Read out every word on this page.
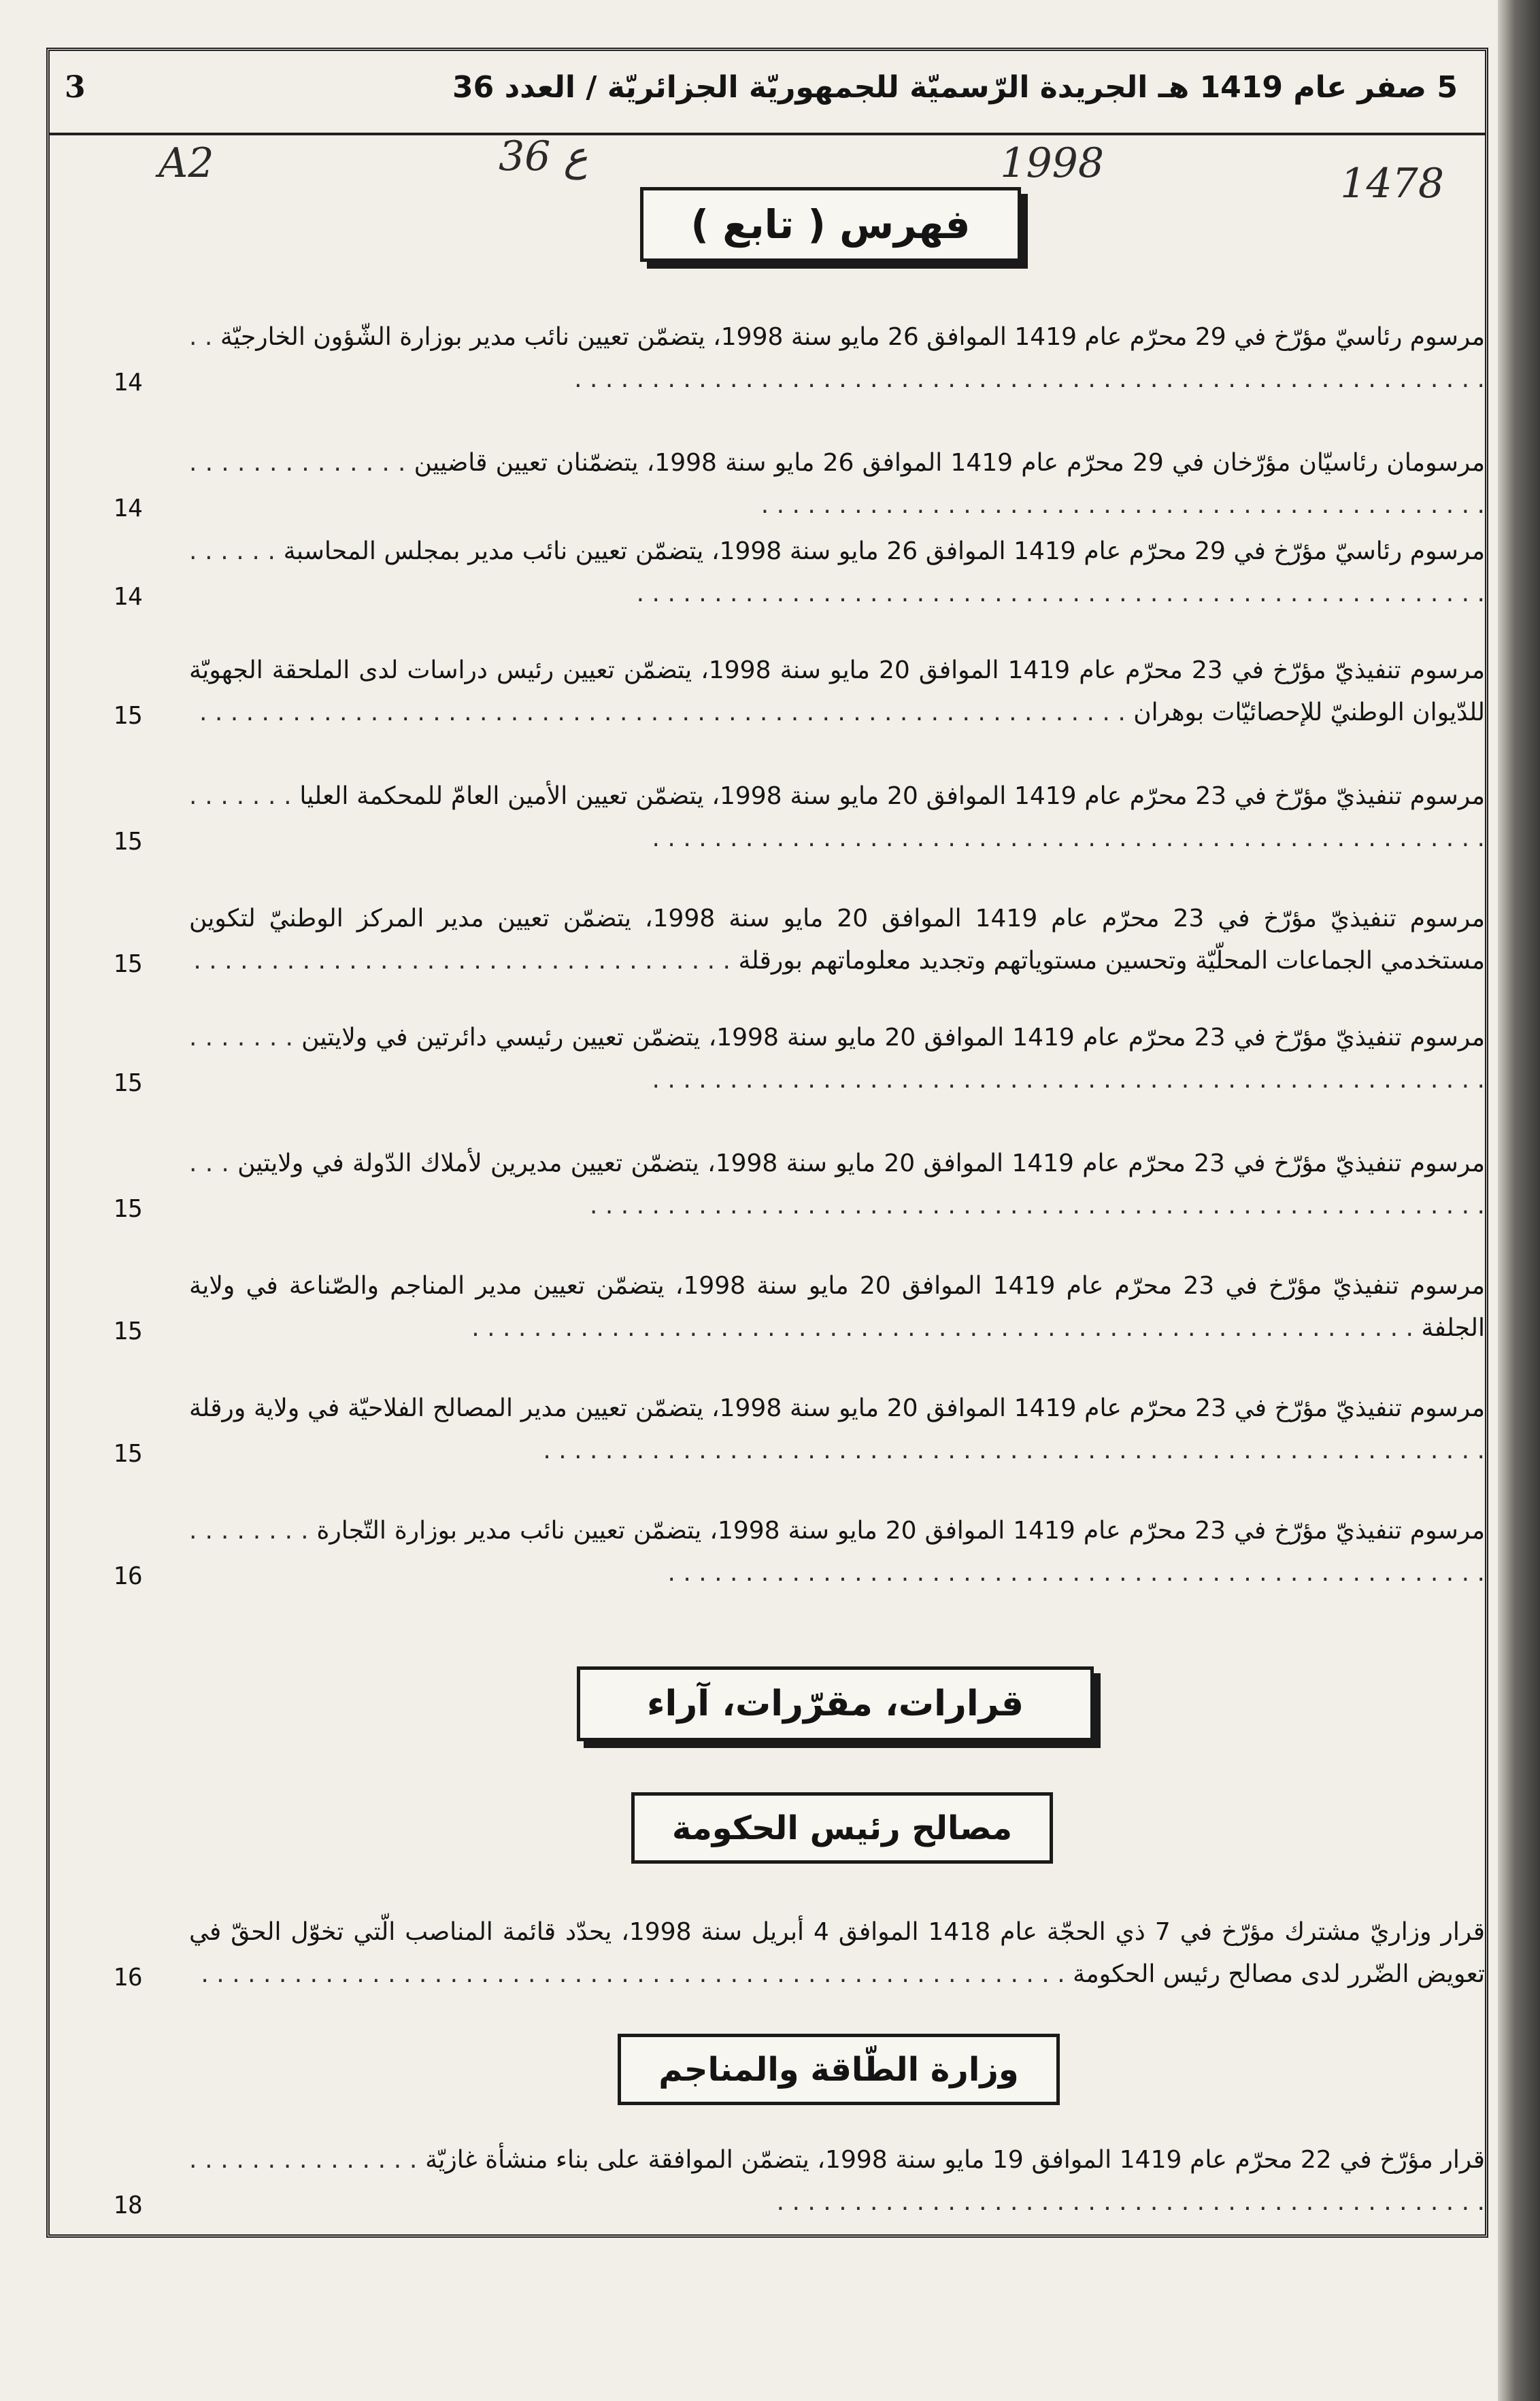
5 صفر عام 1419 هـ الجريدة الرّسميّة للجمهوريّة الجزائريّة / العدد 36
3
1478
1998
36 ع
A2
فهرس ( تابع )
قرارات، مقرّرات، آراء
مصالح رئيس الحكومة
وزارة الطّاقة والمناجم
مرسوم رئاسيّ مؤرّخ في 29 محرّم عام 1419 الموافق 26 مايو سنة 1998، يتضمّن تعيين نائب مدير بوزارة الشّؤون الخارجيّة . . . . . . . . . . . . . . . . . . . . . . . . . . . . . . . . . . . . . . . . . . . . . . . . . . . . . . . . . . . . .
14
مرسومان رئاسيّان مؤرّخان في 29 محرّم عام 1419 الموافق 26 مايو سنة 1998، يتضمّنان تعيين قاضيين . . . . . . . . . . . . . . . . . . . . . . . . . . . . . . . . . . . . . . . . . . . . . . . . . . . . . . . . . . . . .
14
مرسوم رئاسيّ مؤرّخ في 29 محرّم عام 1419 الموافق 26 مايو سنة 1998، يتضمّن تعيين نائب مدير بمجلس المحاسبة . . . . . . . . . . . . . . . . . . . . . . . . . . . . . . . . . . . . . . . . . . . . . . . . . . . . . . . . . . . . .
14
مرسوم تنفيذيّ مؤرّخ في 23 محرّم عام 1419 الموافق 20 مايو سنة 1998، يتضمّن تعيين رئيس دراسات لدى الملحقة الجهويّة للدّيوان الوطنيّ للإحصائيّات بوهران . . . . . . . . . . . . . . . . . . . . . . . . . . . . . . . . . . . . . . . . . . . . . . . . . . . . . . . . . . . .
15
مرسوم تنفيذيّ مؤرّخ في 23 محرّم عام 1419 الموافق 20 مايو سنة 1998، يتضمّن تعيين الأمين العامّ للمحكمة العليا . . . . . . . . . . . . . . . . . . . . . . . . . . . . . . . . . . . . . . . . . . . . . . . . . . . . . . . . . . . . .
15
مرسوم تنفيذيّ مؤرّخ في 23 محرّم عام 1419 الموافق 20 مايو سنة 1998، يتضمّن تعيين مدير المركز الوطنيّ لتكوين مستخدمي الجماعات المحلّيّة وتحسين مستوياتهم وتجديد معلوماتهم بورقلة . . . . . . . . . . . . . . . . . . . . . . . . . . . . . . . . . . .
15
مرسوم تنفيذيّ مؤرّخ في 23 محرّم عام 1419 الموافق 20 مايو سنة 1998، يتضمّن تعيين رئيسي دائرتين في ولايتين . . . . . . . . . . . . . . . . . . . . . . . . . . . . . . . . . . . . . . . . . . . . . . . . . . . . . . . . . . . . .
15
مرسوم تنفيذيّ مؤرّخ في 23 محرّم عام 1419 الموافق 20 مايو سنة 1998، يتضمّن تعيين مديرين لأملاك الدّولة في ولايتين . . . . . . . . . . . . . . . . . . . . . . . . . . . . . . . . . . . . . . . . . . . . . . . . . . . . . . . . . . . . .
15
مرسوم تنفيذيّ مؤرّخ في 23 محرّم عام 1419 الموافق 20 مايو سنة 1998، يتضمّن تعيين مدير المناجم والصّناعة في ولاية الجلفة . . . . . . . . . . . . . . . . . . . . . . . . . . . . . . . . . . . . . . . . . . . . . . . . . . . . . . . . . . . . .
15
مرسوم تنفيذيّ مؤرّخ في 23 محرّم عام 1419 الموافق 20 مايو سنة 1998، يتضمّن تعيين مدير المصالح الفلاحيّة في ولاية ورقلة . . . . . . . . . . . . . . . . . . . . . . . . . . . . . . . . . . . . . . . . . . . . . . . . . . . . . . . . . . . . .
15
مرسوم تنفيذيّ مؤرّخ في 23 محرّم عام 1419 الموافق 20 مايو سنة 1998، يتضمّن تعيين نائب مدير بوزارة التّجارة . . . . . . . . . . . . . . . . . . . . . . . . . . . . . . . . . . . . . . . . . . . . . . . . . . . . . . . . . . . . .
16
قرار وزاريّ مشترك مؤرّخ في 7 ذي الحجّة عام 1418 الموافق 4 أبريل سنة 1998، يحدّد قائمة المناصب الّتي تخوّل الحقّ في تعويض الضّرر لدى مصالح رئيس الحكومة . . . . . . . . . . . . . . . . . . . . . . . . . . . . . . . . . . . . . . . . . . . . . . . . . . . . . . . .
16
قرار مؤرّخ في 22 محرّم عام 1419 الموافق 19 مايو سنة 1998، يتضمّن الموافقة على بناء منشأة غازيّة . . . . . . . . . . . . . . . . . . . . . . . . . . . . . . . . . . . . . . . . . . . . . . . . . . . . . . . . . . . . .
18
